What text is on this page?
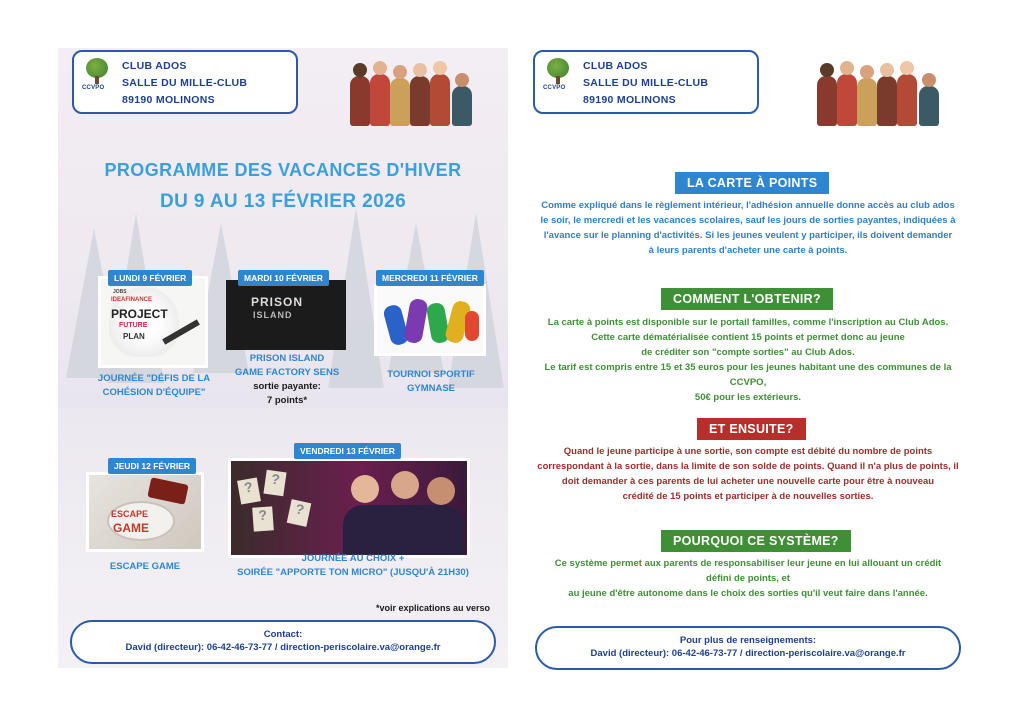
CCVPO
CLUB ADOS
SALLE DU MILLE-CLUB
89190 MOLINONS
PROGRAMME DES VACANCES D'HIVER
DU 9 AU 13 FÉVRIER 2026
JOBS
IDEAFINANCE
PROJECT
FUTURE
PLAN
LUNDI 9 FÉVRIER
JOURNÉE "DÉFIS DE LA
COHÉSION D'ÉQUIPE"
PRISON
ISLAND
MARDI 10 FÉVRIER
PRISON ISLAND
GAME FACTORY SENS
sortie payante:
7 points*
MERCREDI 11 FÉVRIER
TOURNOI SPORTIF
GYMNASE
ESCAPE
GAME
JEUDI 12 FÉVRIER
ESCAPE GAME
?	?
?	?
VENDREDI 13 FÉVRIER
JOURNÉE AU CHOIX +
SOIRÉE "APPORTE TON MICRO" (JUSQU'À 21H30)
*voir explications au verso
Contact:
David (directeur): 06-42-46-73-77 / direction-periscolaire.va@orange.fr
CCVPO
CLUB ADOS
SALLE DU MILLE-CLUB
89190 MOLINONS
LA CARTE À POINTS
Comme expliqué dans le règlement intérieur, l'adhésion annuelle donne accès au club ados
le soir, le mercredi et les vacances scolaires, sauf les jours de sorties payantes, indiquées à
l'avance sur le planning d'activités. Si les jeunes veulent y participer, ils doivent demander
à leurs parents d'acheter une carte à points.
COMMENT L'OBTENIR?
La carte à points est disponible sur le portail familles, comme l'inscription au Club Ados.
Cette carte dématérialisée contient 15 points et permet donc au jeune
de créditer son "compte sorties" au Club Ados.
Le tarif est compris entre 15 et 35 euros pour les jeunes habitant une des communes de la CCVPO,
50€ pour les extérieurs.
ET ENSUITE?
Quand le jeune participe à une sortie, son compte est débité du nombre de points
correspondant à la sortie, dans la limite de son solde de points. Quand il n'a plus de points, il
doit demander à ces parents de lui acheter une nouvelle carte pour être à nouveau
crédité de 15 points et participer à de nouvelles sorties.
POURQUOI CE SYSTÈME?
Ce système permet aux parents de responsabiliser leur jeune en lui allouant un crédit
défini de points, et
au jeune d'être autonome dans le choix des sorties qu'il veut faire dans l'année.
Pour plus de renseignements:
David (directeur): 06-42-46-73-77 / direction-periscolaire.va@orange.fr
